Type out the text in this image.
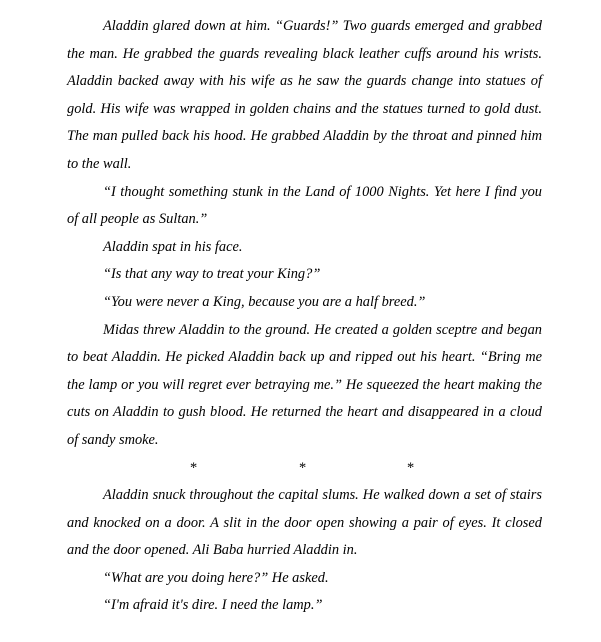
Aladdin glared down at him. “Guards!” Two guards emerged and grabbed the man. He grabbed the guards revealing black leather cuffs around his wrists. Aladdin backed away with his wife as he saw the guards change into statues of gold. His wife was wrapped in golden chains and the statues turned to gold dust. The man pulled back his hood. He grabbed Aladdin by the throat and pinned him to the wall.

“I thought something stunk in the Land of 1000 Nights. Yet here I find you of all people as Sultan.”

Aladdin spat in his face.

“Is that any way to treat your King?”

“You were never a King, because you are a half breed.”

Midas threw Aladdin to the ground. He created a golden sceptre and began to beat Aladdin. He picked Aladdin back up and ripped out his heart. “Bring me the lamp or you will regret ever betraying me.” He squeezed the heart making the cuts on Aladdin to gush blood. He returned the heart and disappeared in a cloud of sandy smoke.

*	*	*

Aladdin snuck throughout the capital slums. He walked down a set of stairs and knocked on a door. A slit in the door open showing a pair of eyes. It closed and the door opened. Ali Baba hurried Aladdin in.

“What are you doing here?” He asked.

“I'm afraid it's dire. I need the lamp.”
